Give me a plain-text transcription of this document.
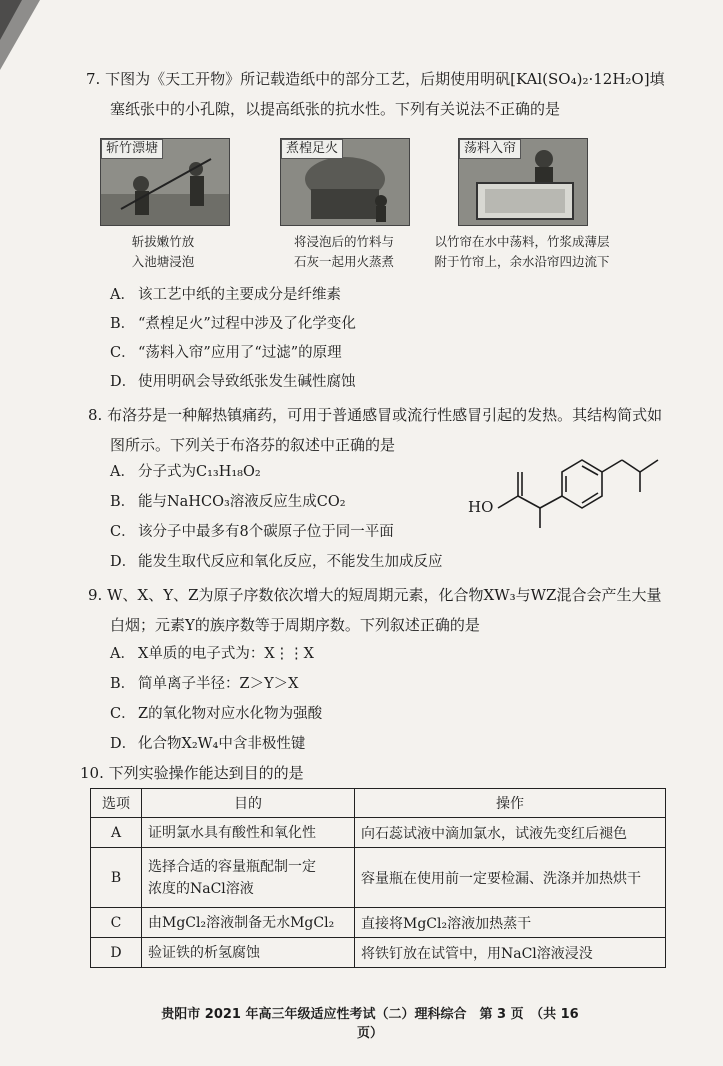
7. 下图为《天工开物》所记载造纸中的部分工艺，后期使用明矾[KAl(SO₄)₂·12H₂O]填
塞纸张中的小孔隙，以提高纸张的抗水性。下列有关说法不正确的是
斩竹漂塘	煮楻足火	荡料入帘
斩拔嫩竹放
入池塘浸泡
将浸泡后的竹料与
石灰一起用火蒸煮
以竹帘在水中荡料，竹浆成薄层
附于竹帘上，余水沿帘四边流下
A． 该工艺中纸的主要成分是纤维素
B． “煮楻足火”过程中涉及了化学变化
C． “荡料入帘”应用了“过滤”的原理
D． 使用明矾会导致纸张发生碱性腐蚀
8. 布洛芬是一种解热镇痛药，可用于普通感冒或流行性感冒引起的发热。其结构简式如
图所示。下列关于布洛芬的叙述中正确的是
HO
A． 分子式为C₁₃H₁₈O₂
B． 能与NaHCO₃溶液反应生成CO₂
C． 该分子中最多有8个碳原子位于同一平面
D． 能发生取代反应和氧化反应，不能发生加成反应
9. W、X、Y、Z为原子序数依次增大的短周期元素，化合物XW₃与WZ混合会产生大量
白烟；元素Y的族序数等于周期序数。下列叙述正确的是
A． X单质的电子式为：X⋮⋮X
B． 简单离子半径：Z＞Y＞X
C． Z的氧化物对应水化物为强酸
D． 化合物X₂W₄中含非极性键
10. 下列实验操作能达到目的的是
选项	目的	操作
A	证明氯水具有酸性和氧化性	向石蕊试液中滴加氯水，试液先变红后褪色
B	选择合适的容量瓶配制一定
浓度的NaCl溶液	容量瓶在使用前一定要检漏、洗涤并加热烘干
C	由MgCl₂溶液制备无水MgCl₂	直接将MgCl₂溶液加热蒸干
D	验证铁的析氢腐蚀	将铁钉放在试管中，用NaCl溶液浸没
贵阳市 2021 年高三年级适应性考试（二）理科综合　第 3 页　（共 16 页）
